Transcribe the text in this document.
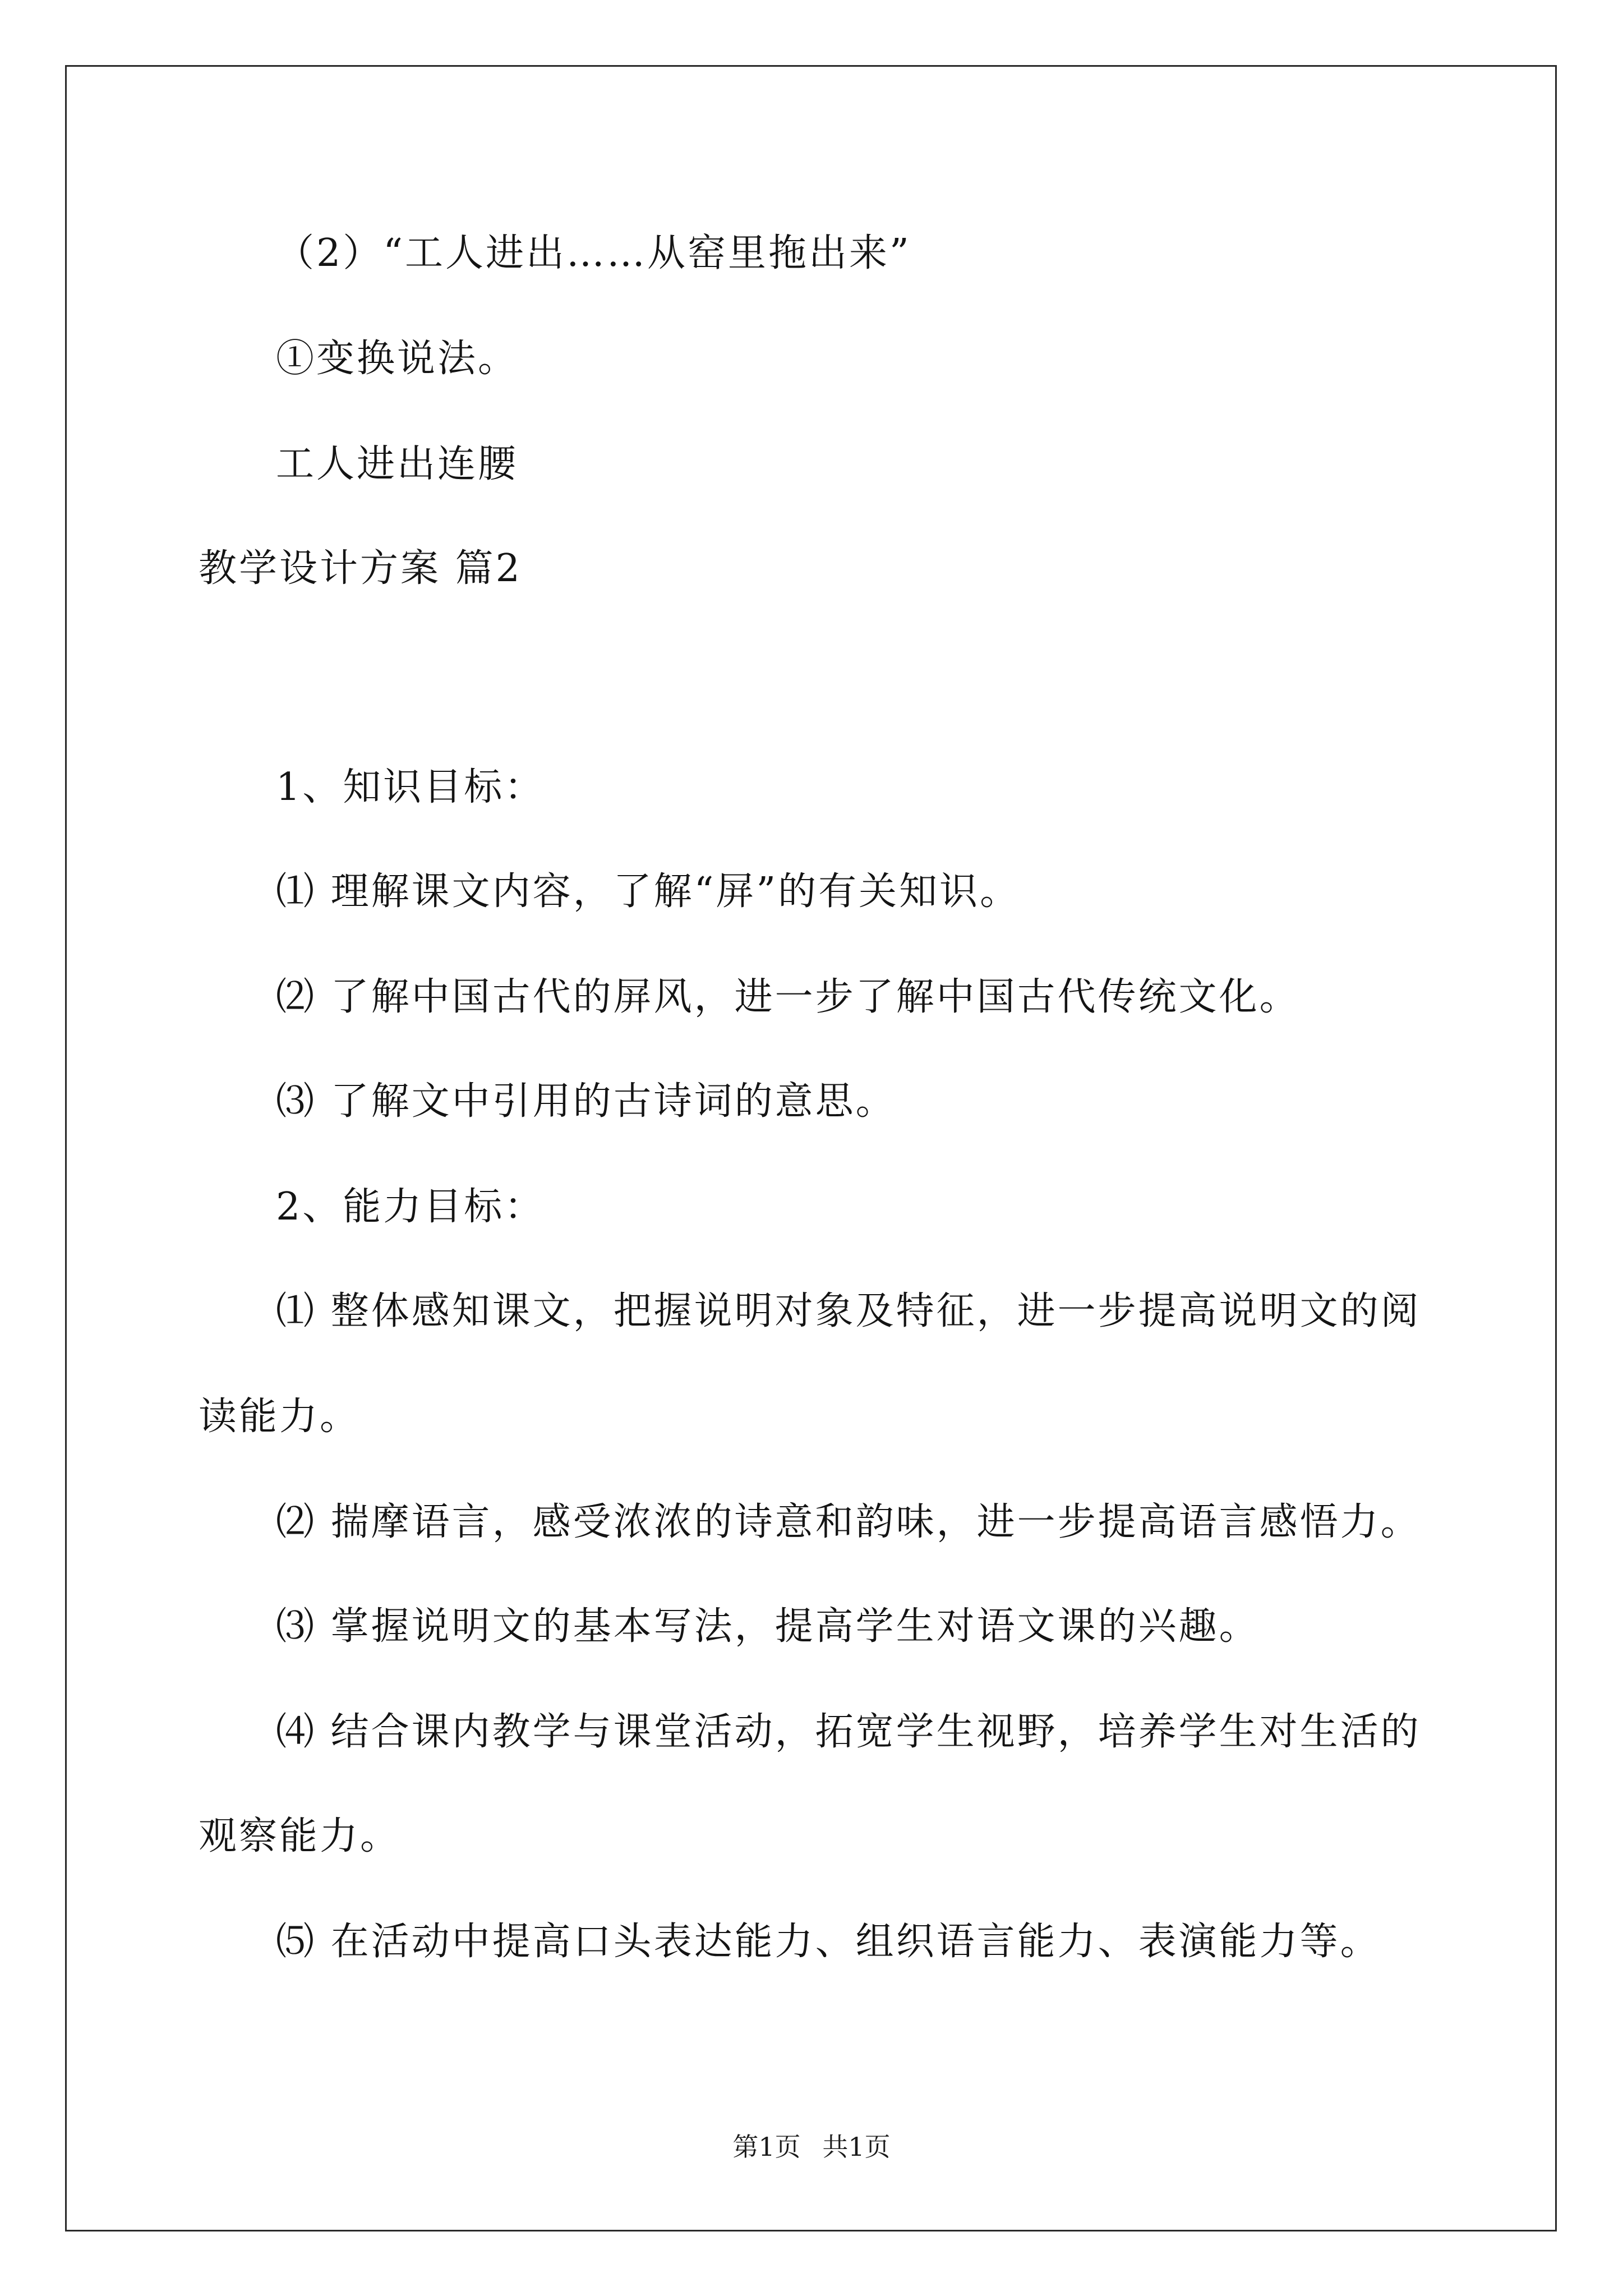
（2）“工人进出……从窑里拖出来”
①变换说法。
工人进出连腰
教学设计方案 篇2
1、知识目标：
⑴ 理解课文内容，了解“屏”的有关知识。
⑵ 了解中国古代的屏风，进一步了解中国古代传统文化。
⑶ 了解文中引用的古诗词的意思。
2、能力目标：
⑴ 整体感知课文，把握说明对象及特征，进一步提高说明文的阅
读能力。
⑵ 揣摩语言，感受浓浓的诗意和韵味，进一步提高语言感悟力。
⑶ 掌握说明文的基本写法，提高学生对语文课的兴趣。
⑷ 结合课内教学与课堂活动，拓宽学生视野，培养学生对生活的
观察能力。
⑸ 在活动中提高口头表达能力、组织语言能力、表演能力等。
第1页 共1页
